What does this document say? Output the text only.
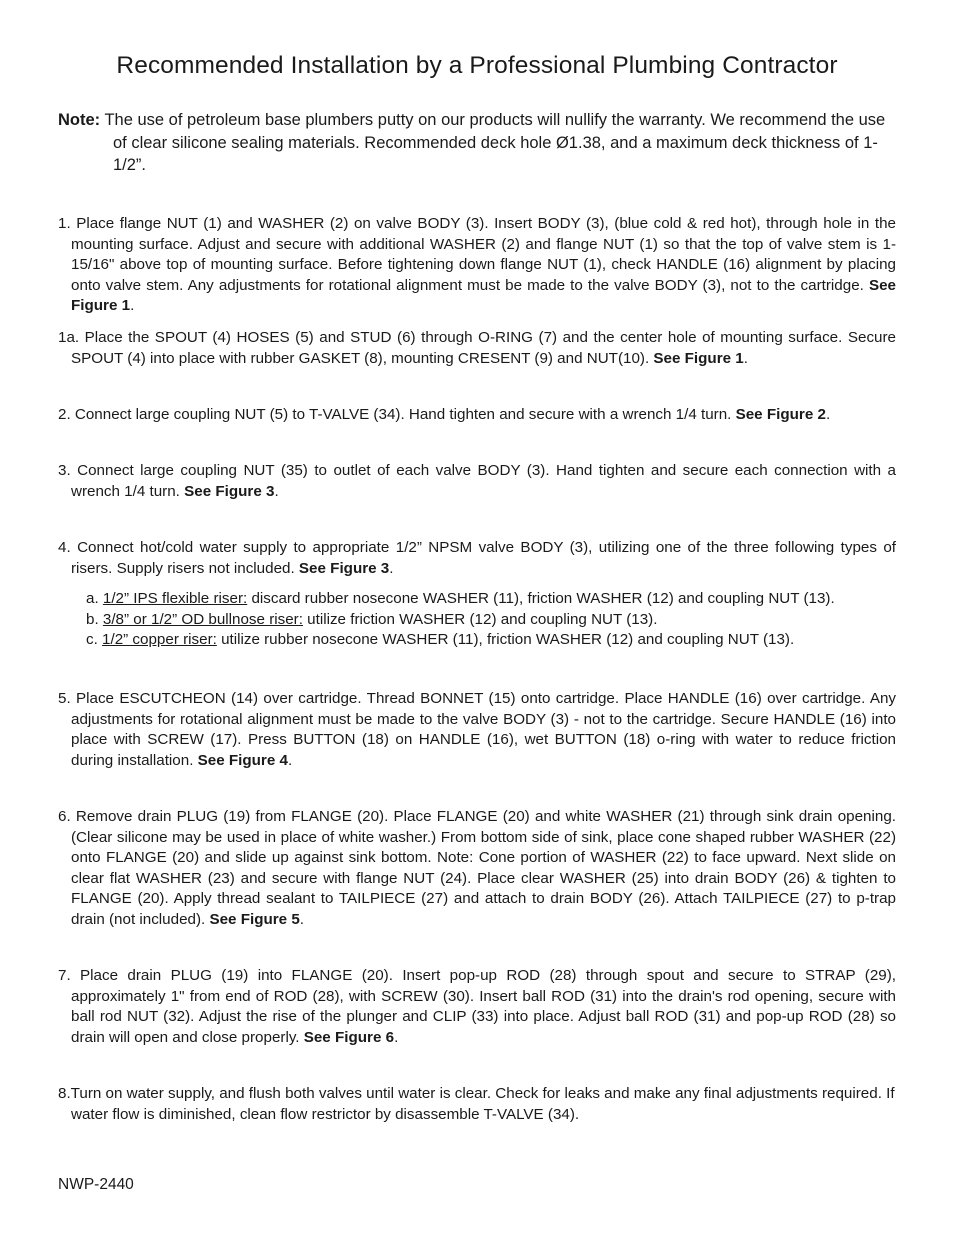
Recommended Installation by a Professional Plumbing Contractor
Note: The use of petroleum base plumbers putty on our products will nullify the warranty. We recommend the use of clear silicone sealing materials. Recommended deck hole Ø1.38, and a maximum deck thickness of 1-1/2”.
1. Place flange NUT (1) and WASHER (2) on valve BODY (3). Insert BODY (3), (blue cold & red hot), through hole in the mounting surface. Adjust and secure with additional WASHER (2) and flange NUT (1) so that the top of valve stem is 1-15/16" above top of mounting surface. Before tightening down flange NUT (1), check HANDLE (16) alignment by placing onto valve stem. Any adjustments for rotational alignment must be made to the valve BODY (3), not to the cartridge. See Figure 1.
1a. Place the SPOUT (4) HOSES (5) and STUD (6) through O-RING (7) and the center hole of mounting surface. Secure SPOUT (4) into place with rubber GASKET (8), mounting CRESENT (9) and NUT(10). See Figure 1.
2. Connect large coupling NUT (5) to T-VALVE (34). Hand tighten and secure with a wrench 1/4 turn. See Figure 2.
3. Connect large coupling NUT (35) to outlet of each valve BODY (3). Hand tighten and secure each connection with a wrench 1/4 turn. See Figure 3.
4. Connect hot/cold water supply to appropriate 1/2” NPSM valve BODY (3), utilizing one of the three following types of risers. Supply risers not included. See Figure 3.
a. 1/2” IPS flexible riser: discard rubber nosecone WASHER (11), friction WASHER (12) and coupling NUT (13).
b. 3/8” or 1/2” OD bullnose riser: utilize friction WASHER (12) and coupling NUT (13).
c. 1/2” copper riser: utilize rubber nosecone WASHER (11), friction WASHER (12) and coupling NUT (13).
5. Place ESCUTCHEON (14) over cartridge. Thread BONNET (15) onto cartridge. Place HANDLE (16) over cartridge. Any adjustments for rotational alignment must be made to the valve BODY (3) - not to the cartridge. Secure HANDLE (16) into place with SCREW (17). Press BUTTON (18) on HANDLE (16), wet BUTTON (18) o-ring with water to reduce friction during installation. See Figure 4.
6. Remove drain PLUG (19) from FLANGE (20). Place FLANGE (20) and white WASHER (21) through sink drain opening. (Clear silicone may be used in place of white washer.) From bottom side of sink, place cone shaped rubber WASHER (22) onto FLANGE (20) and slide up against sink bottom. Note: Cone portion of WASHER (22) to face upward. Next slide on clear flat WASHER (23) and secure with flange NUT (24). Place clear WASHER (25) into drain BODY (26) & tighten to FLANGE (20). Apply thread sealant to TAILPIECE (27) and attach to drain BODY (26). Attach TAILPIECE (27) to p-trap drain (not included). See Figure 5.
7. Place drain PLUG (19) into FLANGE (20). Insert pop-up ROD (28) through spout and secure to STRAP (29), approximately 1" from end of ROD (28), with SCREW (30). Insert ball ROD (31) into the drain's rod opening, secure with ball rod NUT (32). Adjust the rise of the plunger and CLIP (33) into place. Adjust ball ROD (31) and pop-up ROD (28) so drain will open and close properly. See Figure 6.
8.Turn on water supply, and flush both valves until water is clear. Check for leaks and make any final adjustments required. If water flow is diminished, clean flow restrictor by disassemble T-VALVE (34).
NWP-2440
